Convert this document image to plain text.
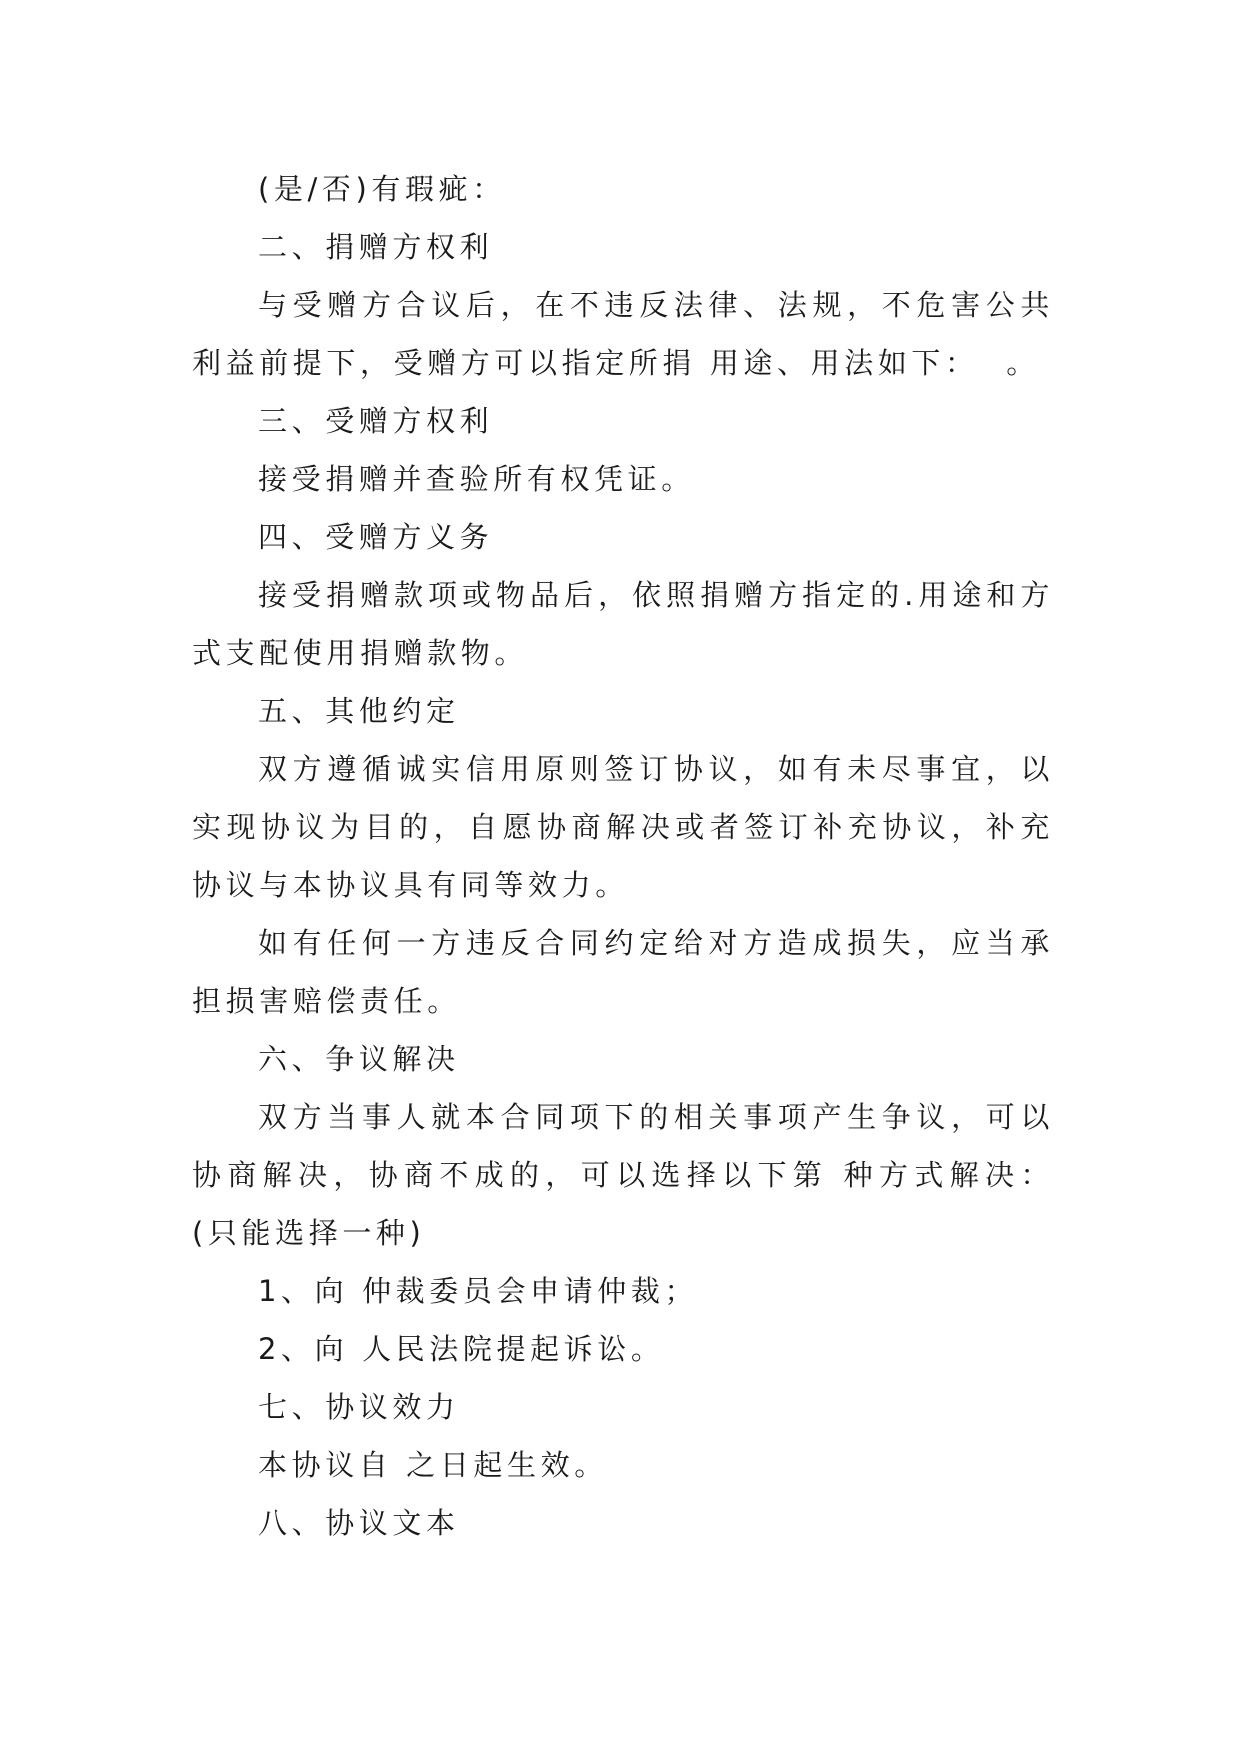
(是/否)有瑕疵：

二、捐赠方权利

与受赠方合议后，在不违反法律、法规，不危害公共利益前提下，受赠方可以指定所捐 用途、用法如下：  。

三、受赠方权利

接受捐赠并查验所有权凭证。

四、受赠方义务

接受捐赠款项或物品后，依照捐赠方指定的.用途和方式支配使用捐赠款物。

五、其他约定

双方遵循诚实信用原则签订协议，如有未尽事宜，以实现协议为目的，自愿协商解决或者签订补充协议，补充协议与本协议具有同等效力。

如有任何一方违反合同约定给对方造成损失，应当承担损害赔偿责任。

六、争议解决

双方当事人就本合同项下的相关事项产生争议，可以协商解决，协商不成的，可以选择以下第 种方式解决：(只能选择一种)

1、向 仲裁委员会申请仲裁；

2、向 人民法院提起诉讼。

七、协议效力

本协议自 之日起生效。

八、协议文本
